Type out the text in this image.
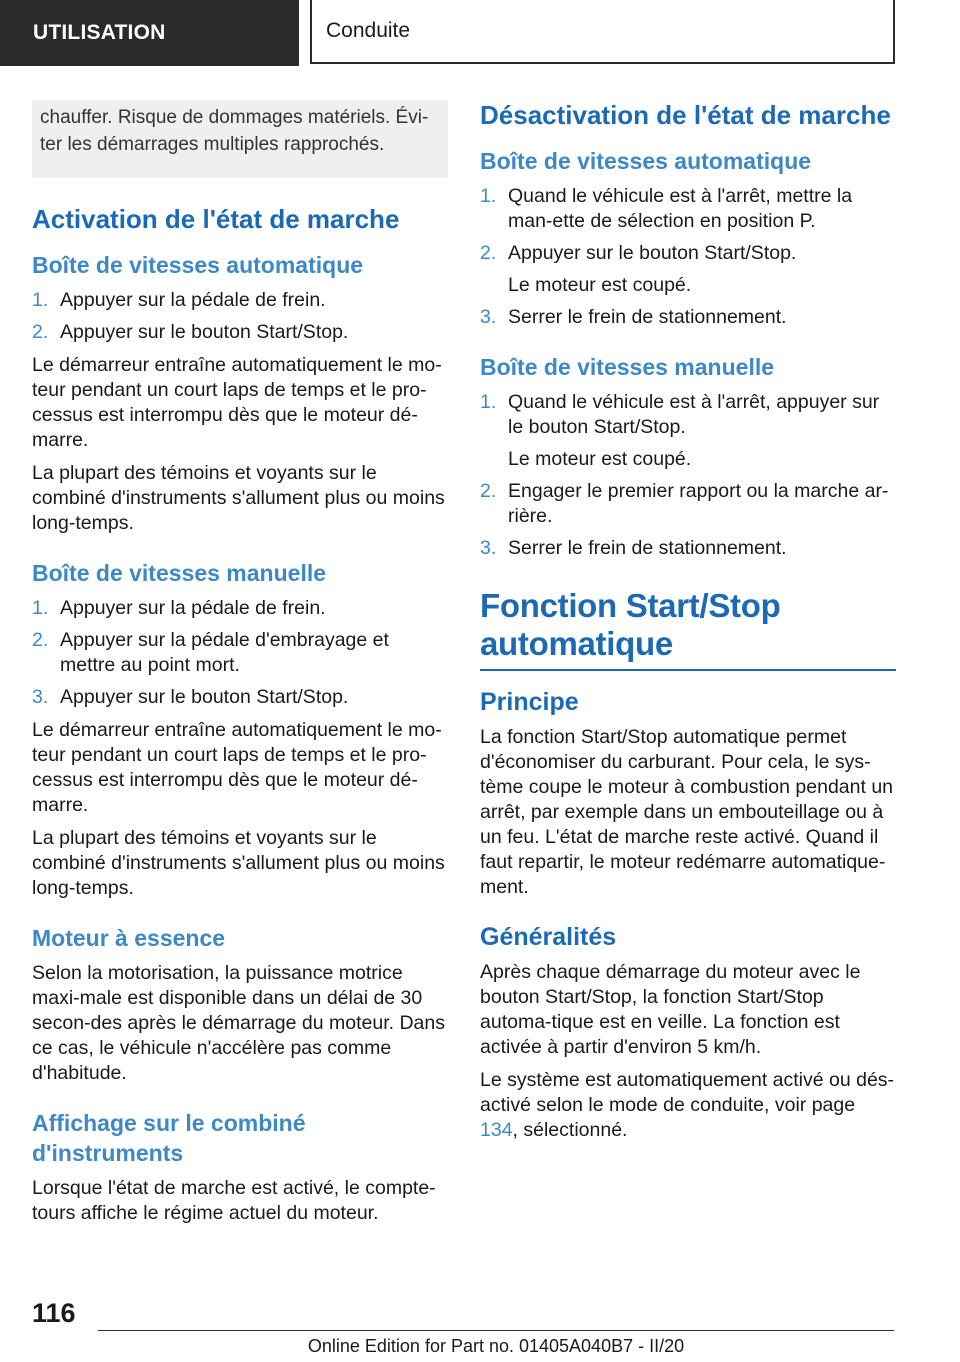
UTILISATION	Conduite
chauffer. Risque de dommages matériels. Évi-
ter les démarrages multiples rapprochés.
Activation de l'état de marche
Boîte de vitesses automatique
1. Appuyer sur la pédale de frein.
2. Appuyer sur le bouton Start/Stop.

Le démarreur entraîne automatiquement le mo-teur pendant un court laps de temps et le pro-cessus est interrompu dès que le moteur dé-marre.

La plupart des témoins et voyants sur le combiné d'instruments s'allument plus ou moins long-temps.

Boîte de vitesses manuelle
1. Appuyer sur la pédale de frein.
2. Appuyer sur la pédale d'embrayage et mettre au point mort.
3. Appuyer sur le bouton Start/Stop.

Le démarreur entraîne automatiquement le mo-teur pendant un court laps de temps et le pro-cessus est interrompu dès que le moteur dé-marre.

La plupart des témoins et voyants sur le combiné d'instruments s'allument plus ou moins long-temps.

Moteur à essence

Selon la motorisation, la puissance motrice maxi-male est disponible dans un délai de 30 secon-des après le démarrage du moteur. Dans ce cas, le véhicule n'accélère pas comme d'habitude.

Affichage sur le combiné d'instruments

Lorsque l'état de marche est activé, le compte-tours affiche le régime actuel du moteur.

Désactivation de l'état de marche
Boîte de vitesses automatique
1. Quand le véhicule est à l'arrêt, mettre la man-ette de sélection en position P.
2. Appuyer sur le bouton Start/Stop.
Le moteur est coupé.
3. Serrer le frein de stationnement.
Boîte de vitesses manuelle
1. Quand le véhicule est à l'arrêt, appuyer sur le bouton Start/Stop.
Le moteur est coupé.
2. Engager le premier rapport ou la marche ar-rière.
3. Serrer le frein de stationnement.
Fonction Start/Stop automatique
Principe

La fonction Start/Stop automatique permet d'économiser du carburant. Pour cela, le sys-tème coupe le moteur à combustion pendant un arrêt, par exemple dans un embouteillage ou à un feu. L'état de marche reste activé. Quand il faut repartir, le moteur redémarre automatique-ment.

Généralités

Après chaque démarrage du moteur avec le bouton Start/Stop, la fonction Start/Stop automa-tique est en veille. La fonction est activée à partir d'environ 5 km/h.

Le système est automatiquement activé ou dés-activé selon le mode de conduite, voir page 134, sélectionné.

116
Online Edition for Part no. 01405A040B7 - II/20
